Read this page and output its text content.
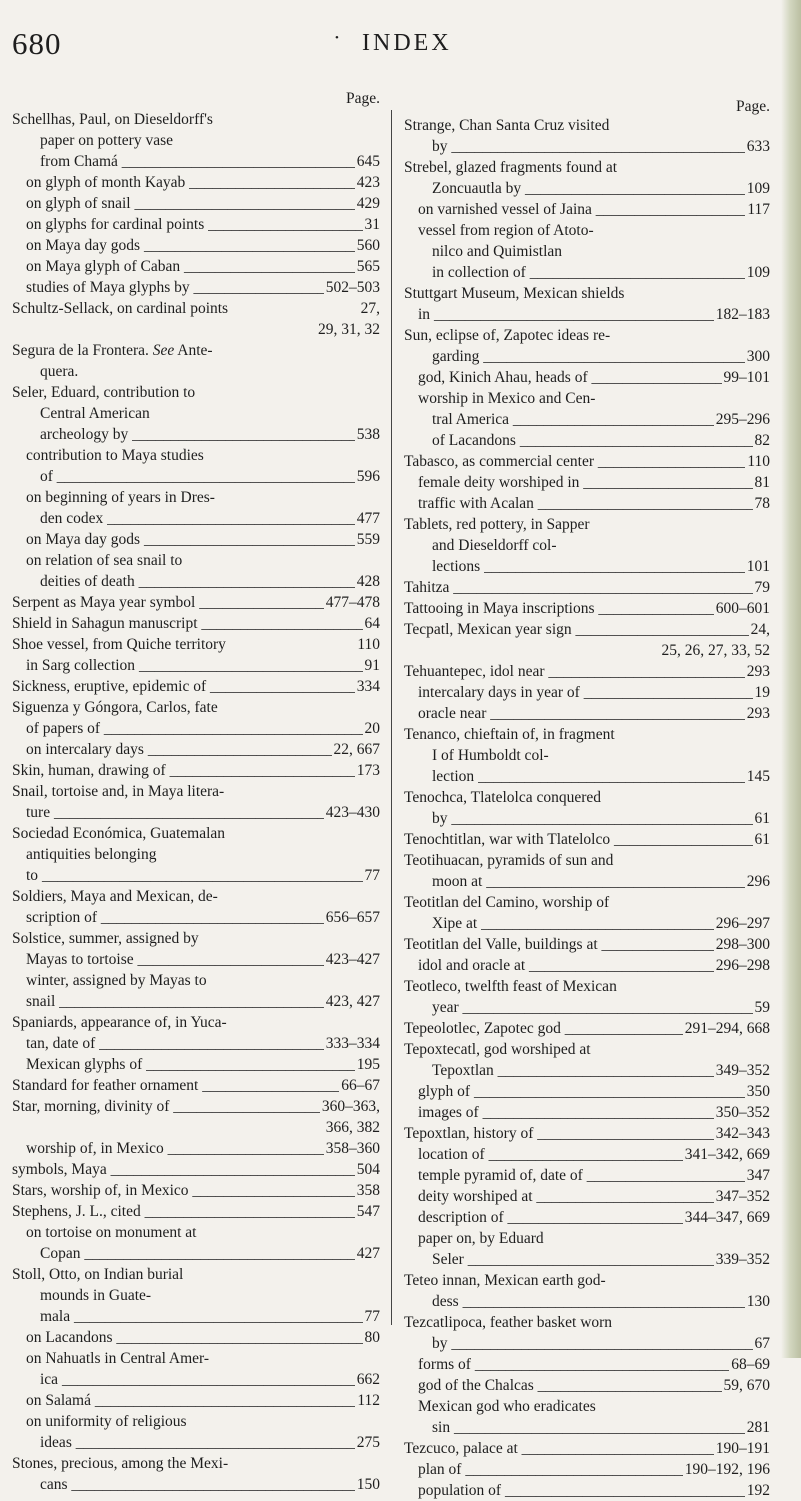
680	• INDEX
Page.
Schellhas, Paul, on Dieseldorff's
paper on pottery vase
from Chamá _____	645
on glyph of month Kayab _____	423
on glyph of snail _____	429
on glyphs for cardinal points _____	31
on Maya day gods _____	560
on Maya glyph of Caban _____	565
studies of Maya glyphs by _____	502–503
Schultz-Sellack, on cardinal points	27,
29, 31, 32
Segura de la Frontera. See Ante-
quera.
Seler, Eduard, contribution to
Central American
archeology by _____	538
contribution to Maya studies
of _____	596
on beginning of years in Dres-
den codex _____	477
on Maya day gods _____	559
on relation of sea snail to
deities of death _____	428
Serpent as Maya year symbol _____	477–478
Shield in Sahagun manuscript _____	64
Shoe vessel, from Quiche territory	110
in Sarg collection _____	91
Sickness, eruptive, epidemic of _____	334
Siguenza y Góngora, Carlos, fate
of papers of _____	20
on intercalary days _____	22, 667
Skin, human, drawing of _____	173
Snail, tortoise and, in Maya litera-
ture _____	423–430
Sociedad Económica, Guatemalan
antiquities belonging
to _____	77
Soldiers, Maya and Mexican, de-
scription of _____	656–657
Solstice, summer, assigned by
Mayas to tortoise _____	423–427
winter, assigned by Mayas to
snail _____	423, 427
Spaniards, appearance of, in Yuca-
tan, date of _____	333–334
Mexican glyphs of _____	195
Standard for feather ornament _____	66–67
Star, morning, divinity of _____	360–363,
366, 382
worship of, in Mexico _____	358–360
symbols, Maya _____	504
Stars, worship of, in Mexico _____	358
Stephens, J. L., cited _____	547
on tortoise on monument at
Copan _____	427
Stoll, Otto, on Indian burial
mounds in Guate-
mala _____	77
on Lacandons _____	80
on Nahuatls in Central Amer-
ica _____	662
on Salamá _____	112
on uniformity of religious
ideas _____	275
Stones, precious, among the Mexi-
cans _____	150
Page.
Strange, Chan Santa Cruz visited
by _____	633
Strebel, glazed fragments found at
Zoncuautla by _____	109
on varnished vessel of Jaina _____	117
vessel from region of Atoto-
nilco and Quimistlan
in collection of _____	109
Stuttgart Museum, Mexican shields
in _____	182–183
Sun, eclipse of, Zapotec ideas re-
garding _____	300
god, Kinich Ahau, heads of _____	99–101
worship in Mexico and Cen-
tral America _____	295–296
of Lacandons _____	82
Tabasco, as commercial center _____	110
female deity worshiped in _____	81
traffic with Acalan _____	78
Tablets, red pottery, in Sapper
and Dieseldorff col-
lections _____	101
Tahitza _____	79
Tattooing in Maya inscriptions _____	600–601
Tecpatl, Mexican year sign _____	24,
25, 26, 27, 33, 52
Tehuantepec, idol near _____	293
intercalary days in year of _____	19
oracle near _____	293
Tenanco, chieftain of, in fragment
I of Humboldt col-
lection _____	145
Tenochca, Tlatelolca conquered
by _____	61
Tenochtitlan, war with Tlatelolco _____	61
Teotihuacan, pyramids of sun and
moon at _____	296
Teotitlan del Camino, worship of
Xipe at _____	296–297
Teotitlan del Valle, buildings at _____	298–300
idol and oracle at _____	296–298
Teotleco, twelfth feast of Mexican
year _____	59
Tepeolotlec, Zapotec god _____	291–294, 668
Tepoxtecatl, god worshiped at
Tepoxtlan _____	349–352
glyph of _____	350
images of _____	350–352
Tepoxtlan, history of _____	342–343
location of _____	341–342, 669
temple pyramid of, date of _____	347
deity worshiped at _____	347–352
description of _____	344–347, 669
paper on, by Eduard
Seler _____	339–352
Teteo innan, Mexican earth god-
dess _____	130
Tezcatlipoca, feather basket worn
by _____	67
forms of _____	68–69
god of the Chalcas _____	59, 670
Mexican god who eradicates
sin _____	281
Tezcuco, palace at _____	190–191
plan of _____	190–192, 196
population of _____	192
